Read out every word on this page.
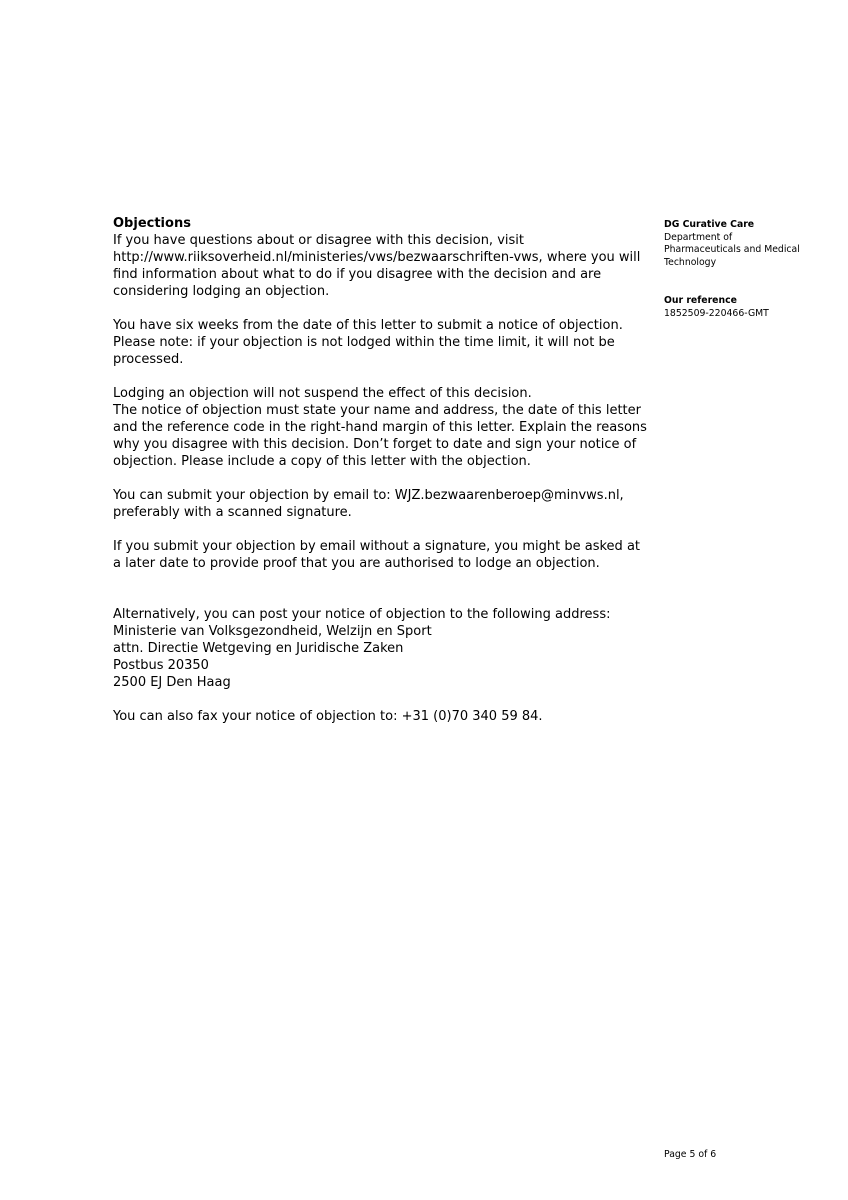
Objections

If you have questions about or disagree with this decision, visit

http://www.riiksoverheid.nl/ministeries/vws/bezwaarschriften-vws, where you will

find information about what to do if you disagree with the decision and are

considering lodging an objection.

You have six weeks from the date of this letter to submit a notice of objection.

Please note: if your objection is not lodged within the time limit, it will not be

processed.

Lodging an objection will not suspend the effect of this decision.

The notice of objection must state your name and address, the date of this letter

and the reference code in the right-hand margin of this letter. Explain the reasons

why you disagree with this decision. Don’t forget to date and sign your notice of

objection. Please include a copy of this letter with the objection.

You can submit your objection by email to: WJZ.bezwaarenberoep@minvws.nl,

preferably with a scanned signature.

If you submit your objection by email without a signature, you might be asked at

a later date to provide proof that you are authorised to lodge an objection.

Alternatively, you can post your notice of objection to the following address:

Ministerie van Volksgezondheid, Welzijn en Sport

attn. Directie Wetgeving en Juridische Zaken

Postbus 20350

2500 EJ Den Haag

You can also fax your notice of objection to: +31 (0)70 340 59 84.

DG Curative Care
Department of
Pharmaceuticals and Medical
Technology
Our reference
1852509-220466-GMT
Page 5 of 6
